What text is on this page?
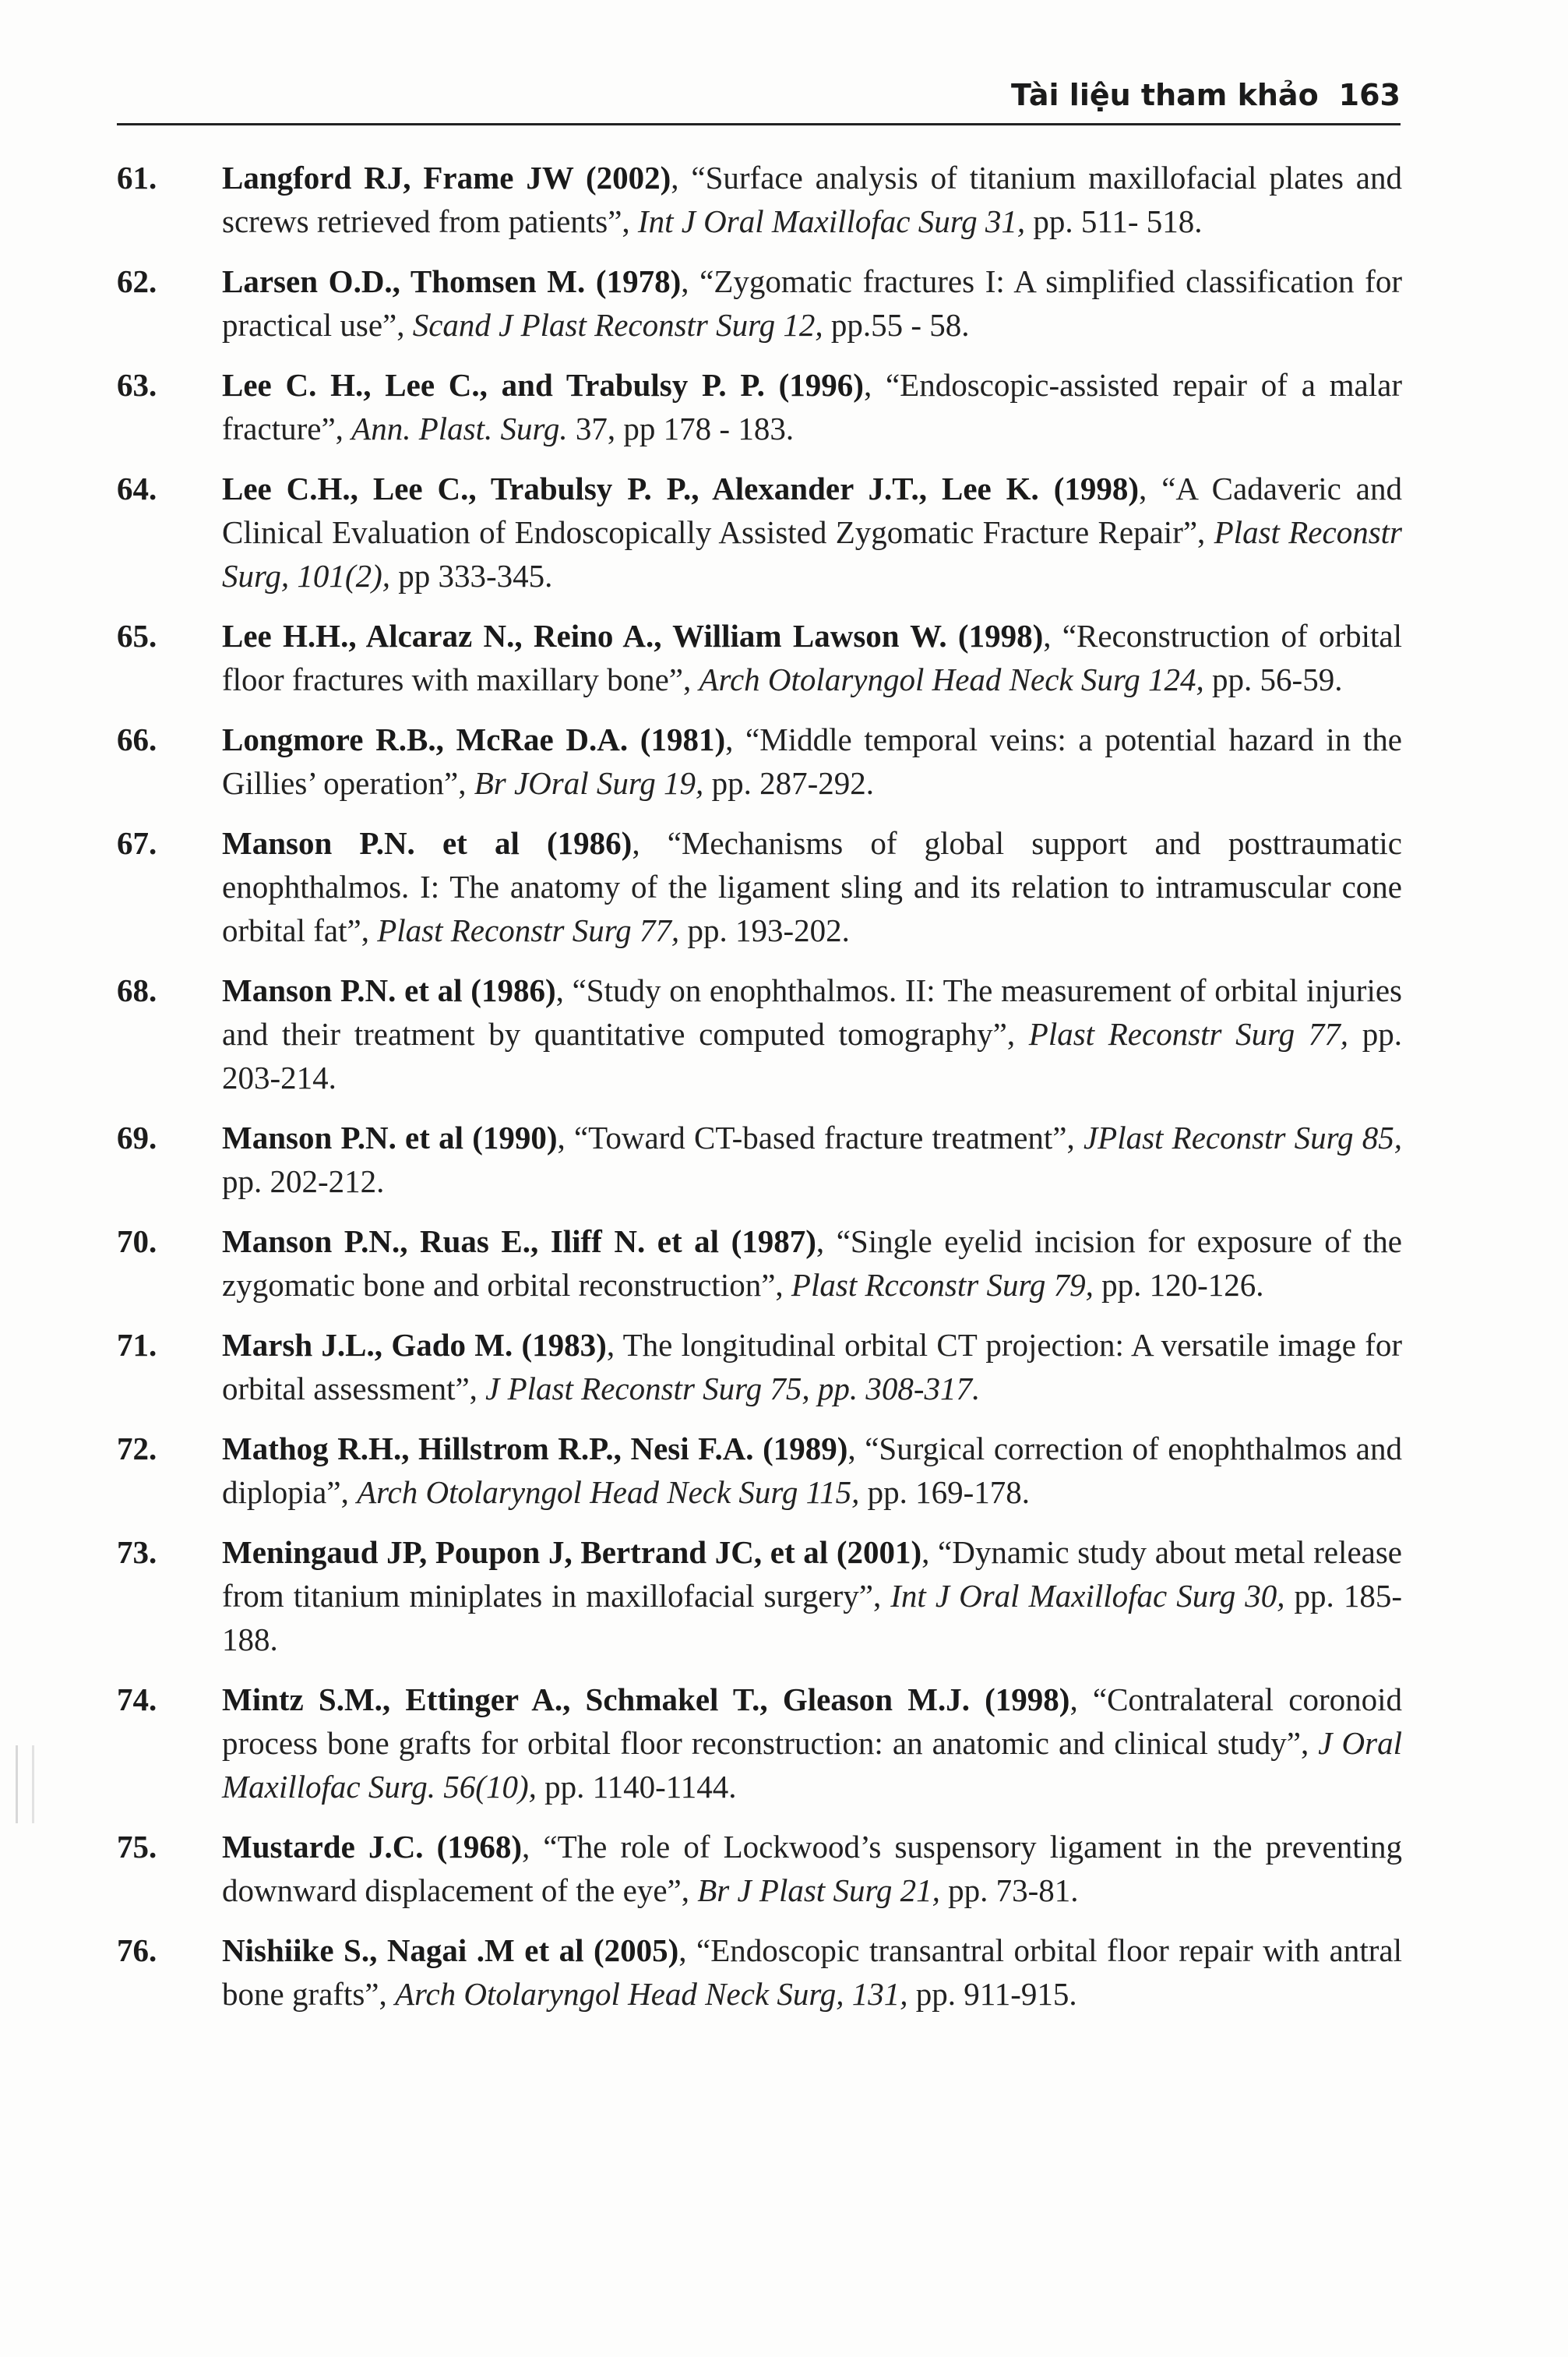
Tài liệu tham khảo 163
61.	Langford RJ, Frame JW (2002), “Surface analysis of titanium maxillofacial plates and screws retrieved from patients”, Int J Oral Maxillofac Surg 31, pp. 511- 518.
62.	Larsen O.D., Thomsen M. (1978), “Zygomatic fractures I: A simplified classification for practical use”, Scand J Plast Reconstr Surg 12, pp.55 - 58.
63.	Lee C. H., Lee C., and Trabulsy P. P. (1996), “Endoscopic-assisted repair of a malar fracture”, Ann. Plast. Surg. 37, pp 178 - 183.
64.	Lee C.H., Lee C., Trabulsy P. P., Alexander J.T., Lee K. (1998), “A Cadaveric and Clinical Evaluation of Endoscopically Assisted Zygomatic Fracture Repair”, Plast Reconstr Surg, 101(2), pp 333-345.
65.	Lee H.H., Alcaraz N., Reino A., William Lawson W. (1998), “Reconstruction of orbital floor fractures with maxillary bone”, Arch Otolaryngol Head Neck Surg 124, pp. 56-59.
66.	Longmore R.B., McRae D.A. (1981), “Middle temporal veins: a potential hazard in the Gillies’ operation”, Br JOral Surg 19, pp. 287-292.
67.	Manson P.N. et al (1986), “Mechanisms of global support and posttraumatic enophthalmos. I: The anatomy of the ligament sling and its relation to intramuscular cone orbital fat”, Plast Reconstr Surg 77, pp. 193-202.
68.	Manson P.N. et al (1986), “Study on enophthalmos. II: The measurement of orbital injuries and their treatment by quantitative computed tomography”, Plast Reconstr Surg 77, pp. 203-214.
69.	Manson P.N. et al (1990), “Toward CT-based fracture treatment”, JPlast Reconstr Surg 85, pp. 202-212.
70.	Manson P.N., Ruas E., Iliff N. et al (1987), “Single eyelid incision for exposure of the zygomatic bone and orbital reconstruction”, Plast Rcconstr Surg 79, pp. 120-126.
71.	Marsh J.L., Gado M. (1983), The longitudinal orbital CT projection: A versatile image for orbital assessment”, J Plast Reconstr Surg 75, pp. 308-317.
72.	Mathog R.H., Hillstrom R.P., Nesi F.A. (1989), “Surgical correction of enophthalmos and diplopia”, Arch Otolaryngol Head Neck Surg 115, pp. 169-178.
73.	Meningaud JP, Poupon J, Bertrand JC, et al (2001), “Dynamic study about metal release from titanium miniplates in maxillofacial surgery”, Int J Oral Maxillofac Surg 30, pp. 185-188.
74.	Mintz S.M., Ettinger A., Schmakel T., Gleason M.J. (1998), “Contralateral coronoid process bone grafts for orbital floor reconstruction: an anatomic and clinical study”, J Oral Maxillofac Surg. 56(10), pp. 1140-1144.
75.	Mustarde J.C. (1968), “The role of Lockwood’s suspensory ligament in the preventing downward displacement of the eye”, Br J Plast Surg 21, pp. 73-81.
76.	Nishiike S., Nagai .M et al (2005), “Endoscopic transantral orbital floor repair with antral bone grafts”, Arch Otolaryngol Head Neck Surg, 131, pp. 911-915.
